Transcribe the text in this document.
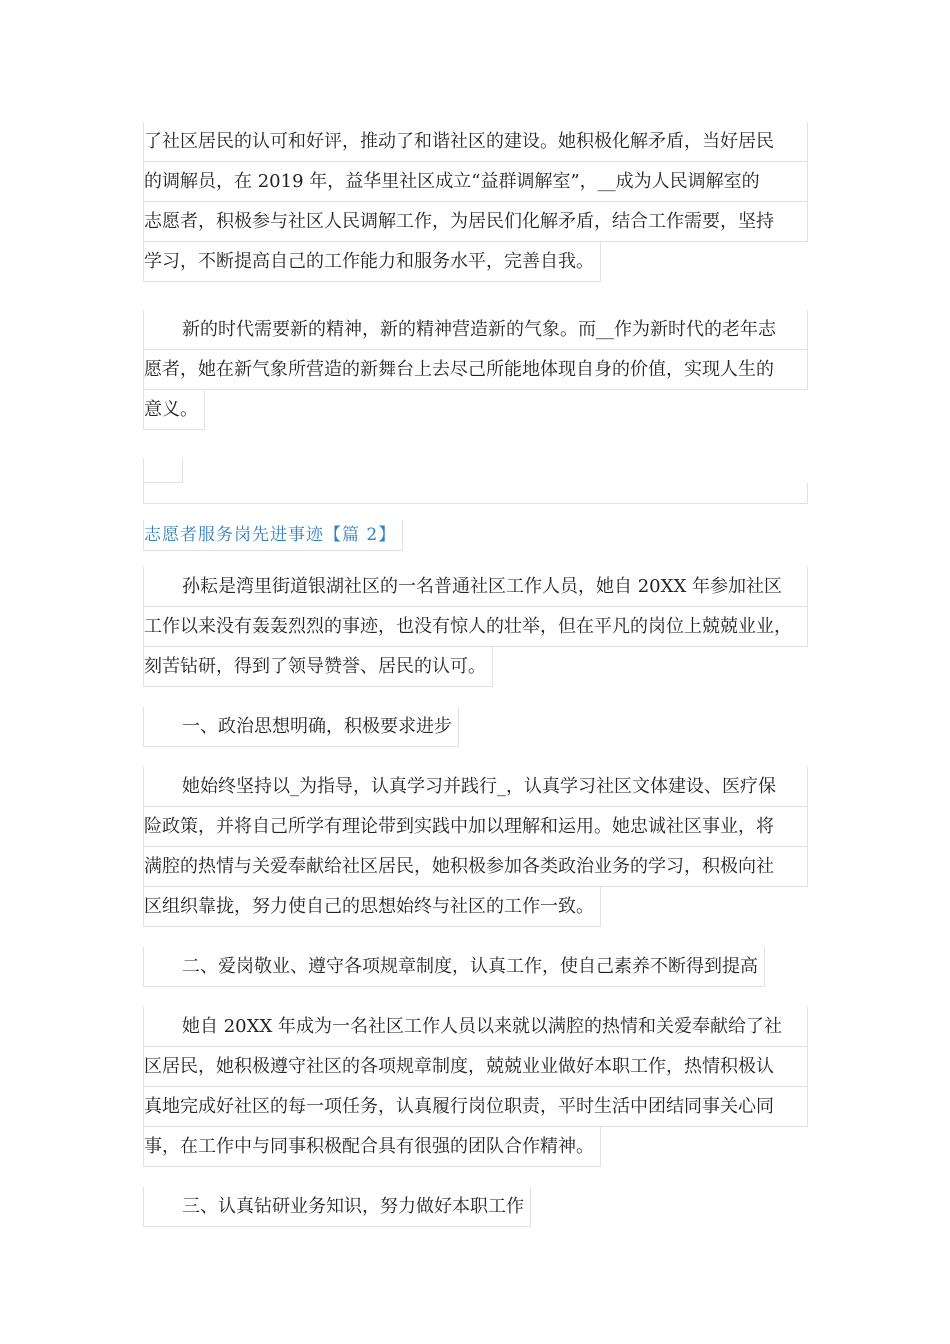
了社区居民的认可和好评，推动了和谐社区的建设。她积极化解矛盾，当好居民
的调解员，在 2019 年，益华里社区成立“益群调解室”，__成为人民调解室的
志愿者，积极参与社区人民调解工作，为居民们化解矛盾，结合工作需要，坚持
学习，不断提高自己的工作能力和服务水平，完善自我。
新的时代需要新的精神，新的精神营造新的气象。而__作为新时代的老年志
愿者，她在新气象所营造的新舞台上去尽己所能地体现自身的价值，实现人生的
意义。
志愿者服务岗先进事迹【篇 2】
孙耘是湾里街道银湖社区的一名普通社区工作人员，她自 20XX 年参加社区
工作以来没有轰轰烈烈的事迹，也没有惊人的壮举，但在平凡的岗位上兢兢业业，
刻苦钻研，得到了领导赞誉、居民的认可。
一、政治思想明确，积极要求进步
她始终坚持以_为指导，认真学习并践行_，认真学习社区文体建设、医疗保
险政策，并将自己所学有理论带到实践中加以理解和运用。她忠诚社区事业，将
满腔的热情与关爱奉献给社区居民，她积极参加各类政治业务的学习，积极向社
区组织靠拢，努力使自己的思想始终与社区的工作一致。
二、爱岗敬业、遵守各项规章制度，认真工作，使自己素养不断得到提高
她自 20XX 年成为一名社区工作人员以来就以满腔的热情和关爱奉献给了社
区居民，她积极遵守社区的各项规章制度，兢兢业业做好本职工作，热情积极认
真地完成好社区的每一项任务，认真履行岗位职责，平时生活中团结同事关心同
事，在工作中与同事积极配合具有很强的团队合作精神。
三、认真钻研业务知识，努力做好本职工作
